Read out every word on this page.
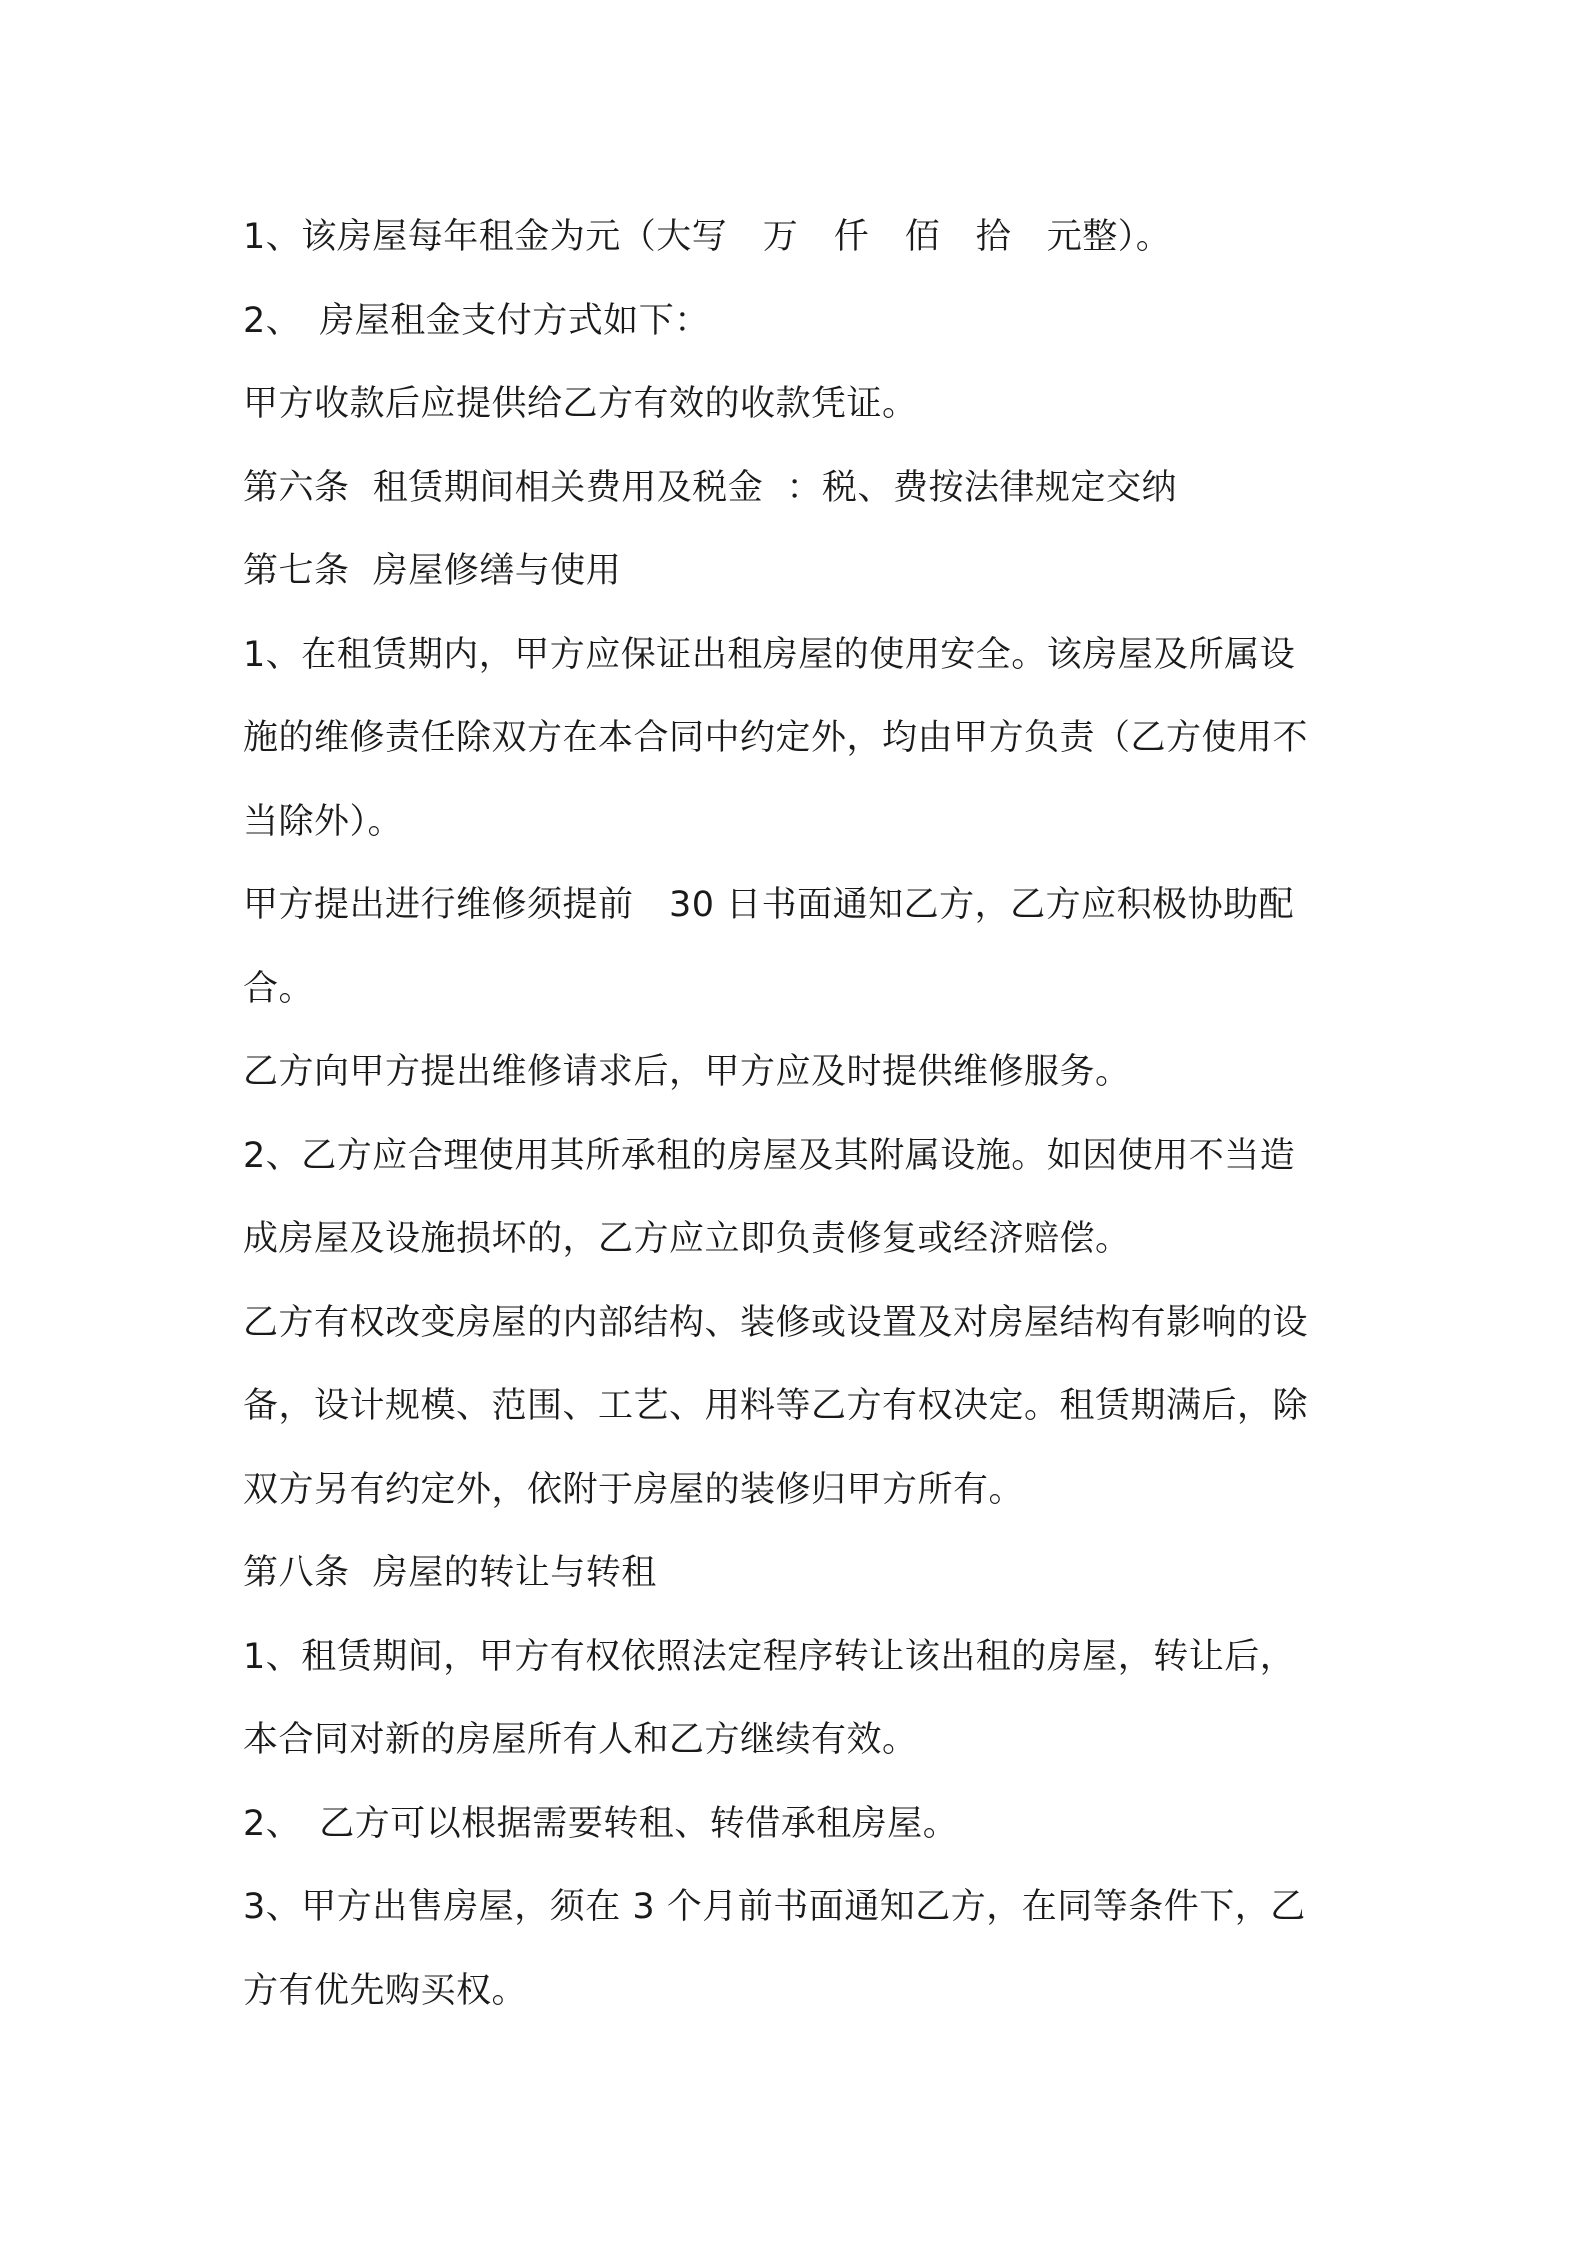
1、该房屋每年租金为元（大写　万　仟　佰　拾　元整）。
2、　房屋租金支付方式如下：
甲方收款后应提供给乙方有效的收款凭证。
第六条  租赁期间相关费用及税金  ：税、费按法律规定交纳
第七条  房屋修缮与使用
1、在租赁期内，甲方应保证出租房屋的使用安全。该房屋及所属设
施的维修责任除双方在本合同中约定外，均由甲方负责（乙方使用不
当除外）。
甲方提出进行维修须提前　30 日书面通知乙方，乙方应积极协助配
合。
乙方向甲方提出维修请求后，甲方应及时提供维修服务。
2、乙方应合理使用其所承租的房屋及其附属设施。如因使用不当造
成房屋及设施损坏的，乙方应立即负责修复或经济赔偿。
乙方有权改变房屋的内部结构、装修或设置及对房屋结构有影响的设
备，设计规模、范围、工艺、用料等乙方有权决定。租赁期满后，除
双方另有约定外，依附于房屋的装修归甲方所有。
第八条  房屋的转让与转租
1、租赁期间，甲方有权依照法定程序转让该出租的房屋，转让后，
本合同对新的房屋所有人和乙方继续有效。
2、　乙方可以根据需要转租、转借承租房屋。
3、甲方出售房屋，须在 3 个月前书面通知乙方，在同等条件下，乙
方有优先购买权。
